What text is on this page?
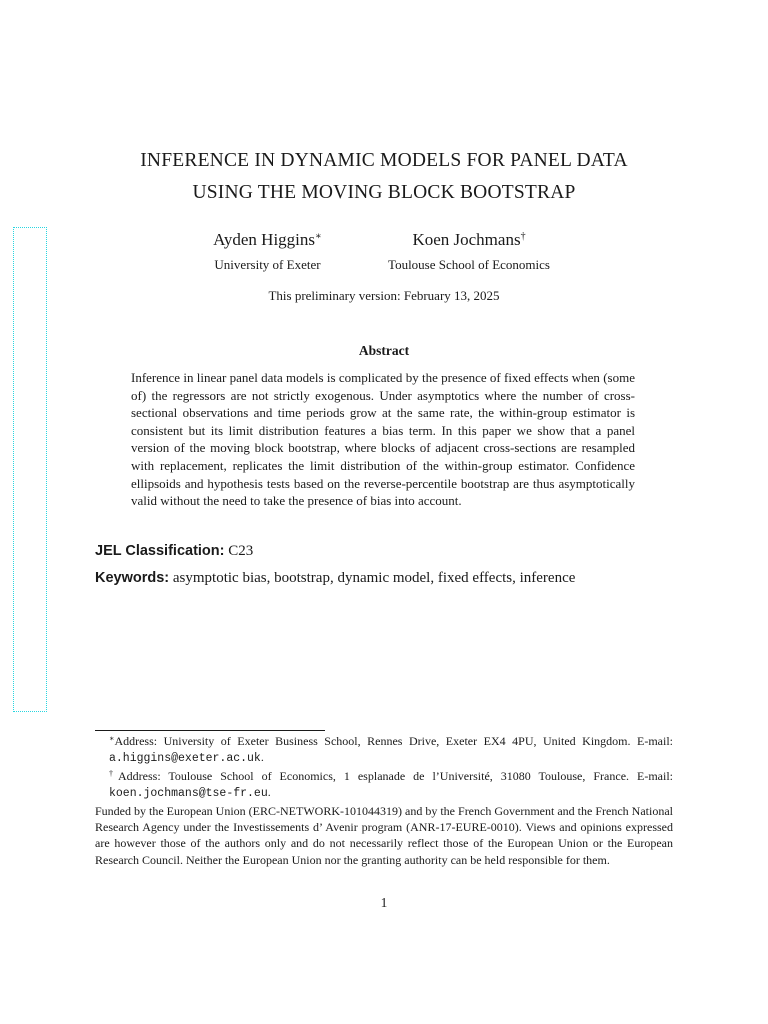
INFERENCE IN DYNAMIC MODELS FOR PANEL DATA
USING THE MOVING BLOCK BOOTSTRAP
Ayden Higgins∗
University of Exeter
Koen Jochmans†
Toulouse School of Economics
This preliminary version: February 13, 2025
Abstract

Inference in linear panel data models is complicated by the presence of fixed effects when (some of) the regressors are not strictly exogenous. Under asymptotics where the number of cross-sectional observations and time periods grow at the same rate, the within-group estimator is consistent but its limit distribution features a bias term. In this paper we show that a panel version of the moving block bootstrap, where blocks of adjacent cross-sections are resampled with replacement, replicates the limit distribution of the within-group estimator. Confidence ellipsoids and hypothesis tests based on the reverse-percentile bootstrap are thus asymptotically valid without the need to take the presence of bias into account.

JEL Classification: C23
Keywords: asymptotic bias, bootstrap, dynamic model, fixed effects, inference

∗Address: University of Exeter Business School, Rennes Drive, Exeter EX4 4PU, United Kingdom. E-mail: a.higgins@exeter.ac.uk.

†Address: Toulouse School of Economics, 1 esplanade de l’Université, 31080 Toulouse, France. E-mail: koen.jochmans@tse-fr.eu.

Funded by the European Union (ERC-NETWORK-101044319) and by the French Government and the French National Research Agency under the Investissements d’ Avenir program (ANR-17-EURE-0010). Views and opinions expressed are however those of the authors only and do not necessarily reflect those of the European Union or the European Research Council. Neither the European Union nor the granting authority can be held responsible for them.

1
